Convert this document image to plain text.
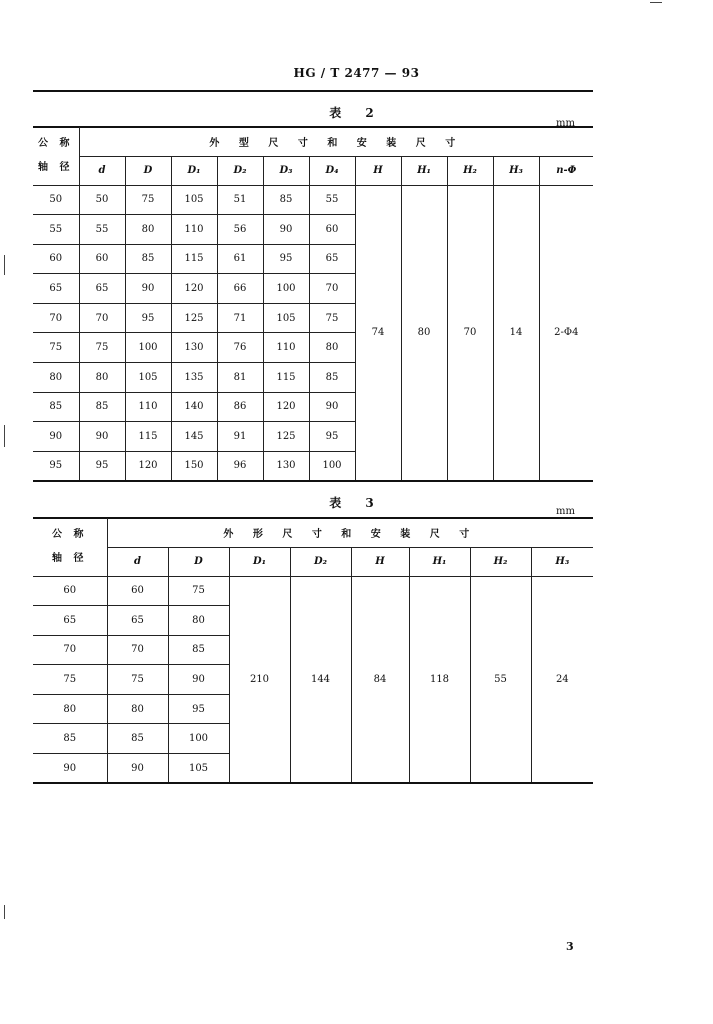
HG / T 2477 — 93
表 2
mm
公 称
轴 径	外 型 尺 寸 和 安 装 尺 寸										
	d	D	D₁	D₂	D₃	D₄	H	H₁	H₂	H₃	n-Φ
50	50	75	105	51	85	55	74	80	70	14	2-Φ4
55	55	80	110	56	90	60					
60	60	85	115	61	95	65					
65	65	90	120	66	100	70					
70	70	95	125	71	105	75					
75	75	100	130	76	110	80					
80	80	105	135	81	115	85					
85	85	110	140	86	120	90					
90	90	115	145	91	125	95					
95	95	120	150	96	130	100					
表 3
mm
公 称
轴 径	外 形 尺 寸 和 安 装 尺 寸							
	d	D	D₁	D₂	H	H₁	H₂	H₃
60	60	75	210	144	84	118	55	24
65	65	80						
70	70	85						
75	75	90						
80	80	95						
85	85	100						
90	90	105						
3
